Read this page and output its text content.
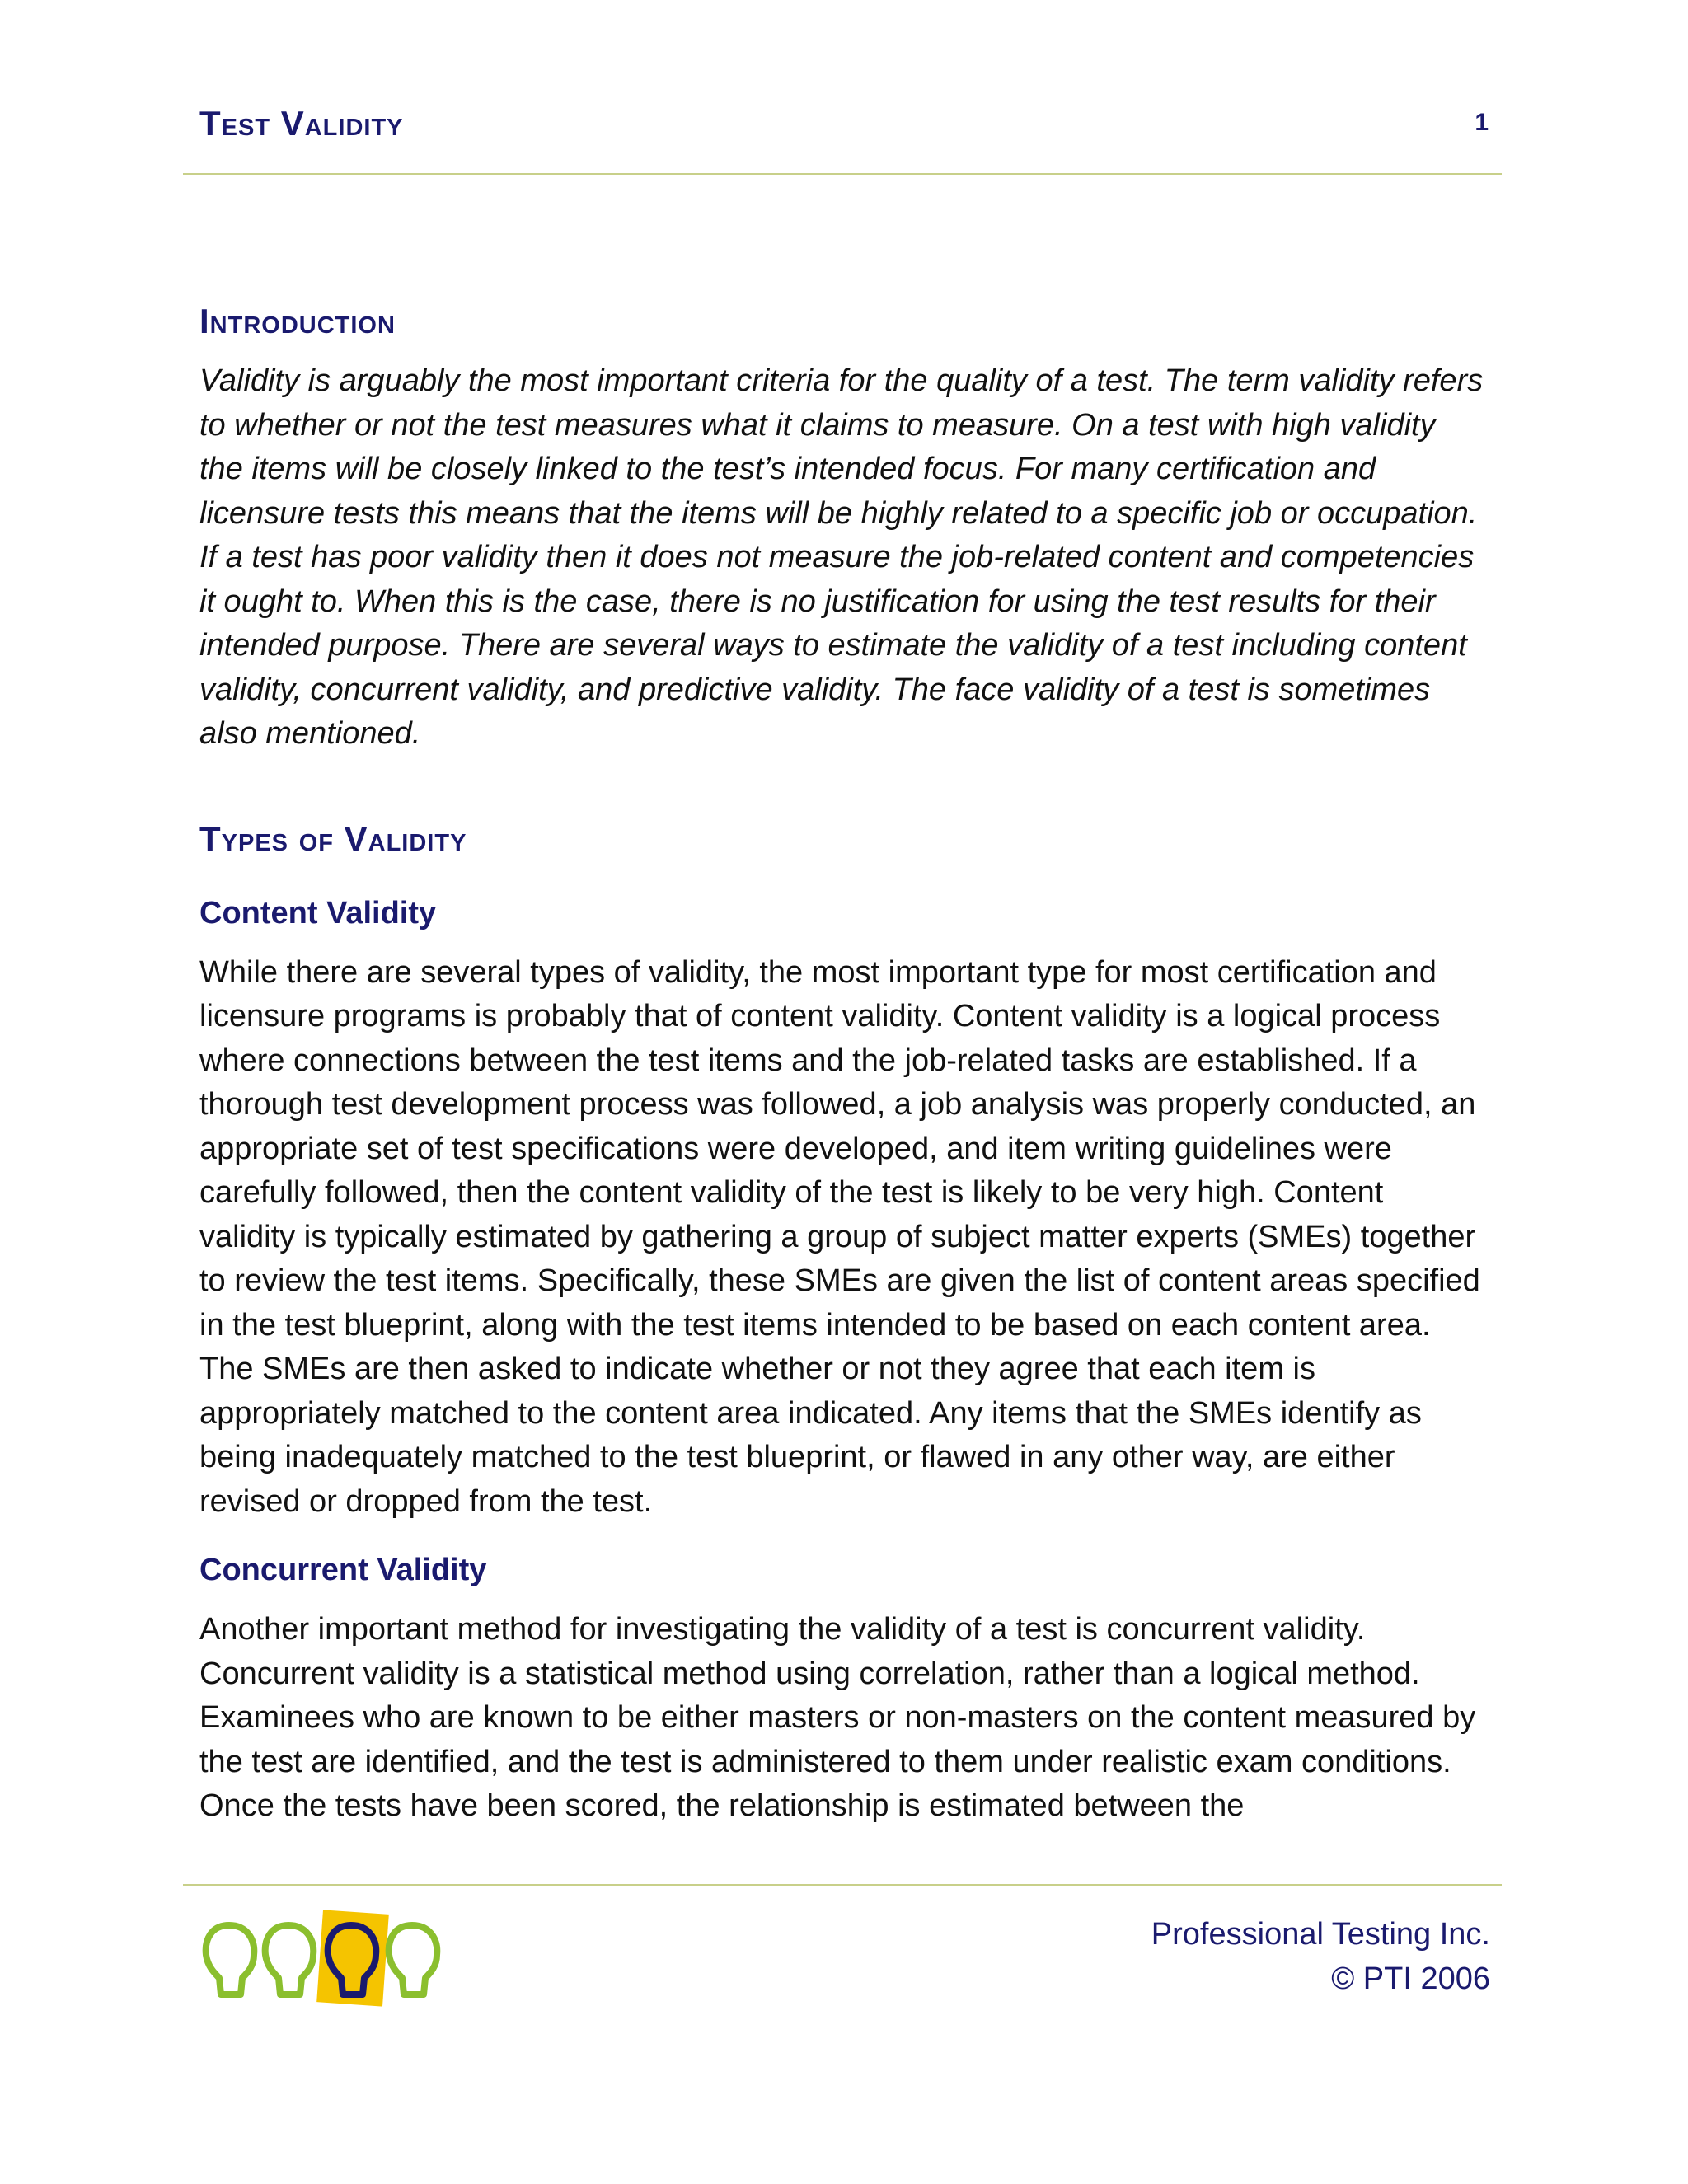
Test Validity	1
Introduction

Validity is arguably the most important criteria for the quality of a test. The term validity refers to whether or not the test measures what it claims to measure. On a test with high validity the items will be closely linked to the test’s intended focus. For many certification and licensure tests this means that the items will be highly related to a specific job or occupation. If a test has poor validity then it does not measure the job-related content and competencies it ought to. When this is the case, there is no justification for using the test results for their intended purpose. There are several ways to estimate the validity of a test including content validity, concurrent validity, and predictive validity. The face validity of a test is sometimes also mentioned.

Types of Validity
Content Validity

While there are several types of validity, the most important type for most certification and licensure programs is probably that of content validity. Content validity is a logical process where connections between the test items and the job-related tasks are established. If a thorough test development process was followed, a job analysis was properly conducted, an appropriate set of test specifications were developed, and item writing guidelines were carefully followed, then the content validity of the test is likely to be very high. Content validity is typically estimated by gathering a group of subject matter experts (SMEs) together to review the test items. Specifically, these SMEs are given the list of content areas specified in the test blueprint, along with the test items intended to be based on each content area. The SMEs are then asked to indicate whether or not they agree that each item is appropriately matched to the content area indicated. Any items that the SMEs identify as being inadequately matched to the test blueprint, or flawed in any other way, are either revised or dropped from the test.

Concurrent Validity

Another important method for investigating the validity of a test is concurrent validity. Concurrent validity is a statistical method using correlation, rather than a logical method. Examinees who are known to be either masters or non-masters on the content measured by the test are identified, and the test is administered to them under realistic exam conditions. Once the tests have been scored, the relationship is estimated between the

Professional Testing Inc.
© PTI 2006
